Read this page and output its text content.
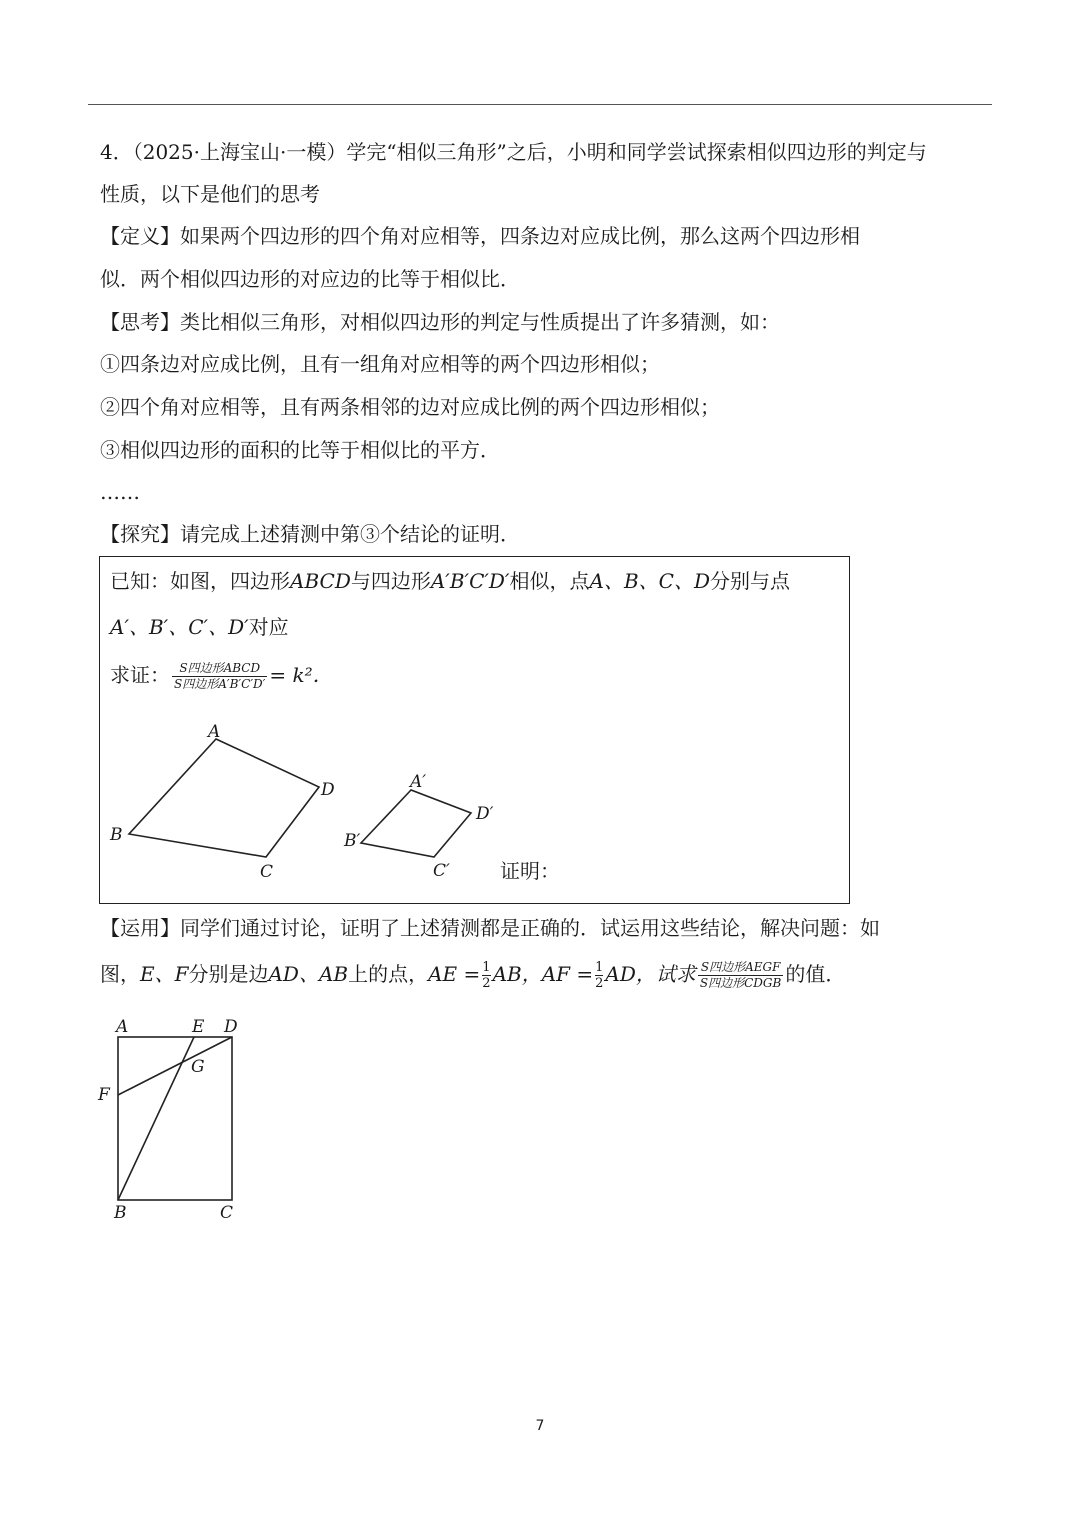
4．（2025·上海宝山·一模）学完“相似三角形”之后，小明和同学尝试探索相似四边形的判定与
性质，以下是他们的思考
【定义】如果两个四边形的四个角对应相等，四条边对应成比例，那么这两个四边形相
似．两个相似四边形的对应边的比等于相似比．
【思考】类比相似三角形，对相似四边形的判定与性质提出了许多猜测，如：
①四条边对应成比例，且有一组角对应相等的两个四边形相似；
②四个角对应相等，且有两条相邻的边对应成比例的两个四边形相似；
③相似四边形的面积的比等于相似比的平方．
……
【探究】请完成上述猜测中第③个结论的证明．
已知：如图，四边形ABCD与四边形A′B′C′D′相似，点A、B、C、D分别与点
A′、B′、C′、D′对应
求证： $\frac{\text{S四边形ABCD}}{\text{S四边形A′B′C′D′}} = k^2$．
A
B
C
D	A′
B′
C′
D′
证明：
【运用】同学们通过讨论，证明了上述猜测都是正确的．试运用这些结论，解决问题：如
图，E、F分别是边AD、AB上的点，AE = $\frac{1}{2}$ AB，AF = $\frac{1}{2}$ AD，试求 $\frac{\text{S四边形AEGF}}{\text{S四边形CDGB}}$ 的值．
A	E D
G
F
B	C
7
